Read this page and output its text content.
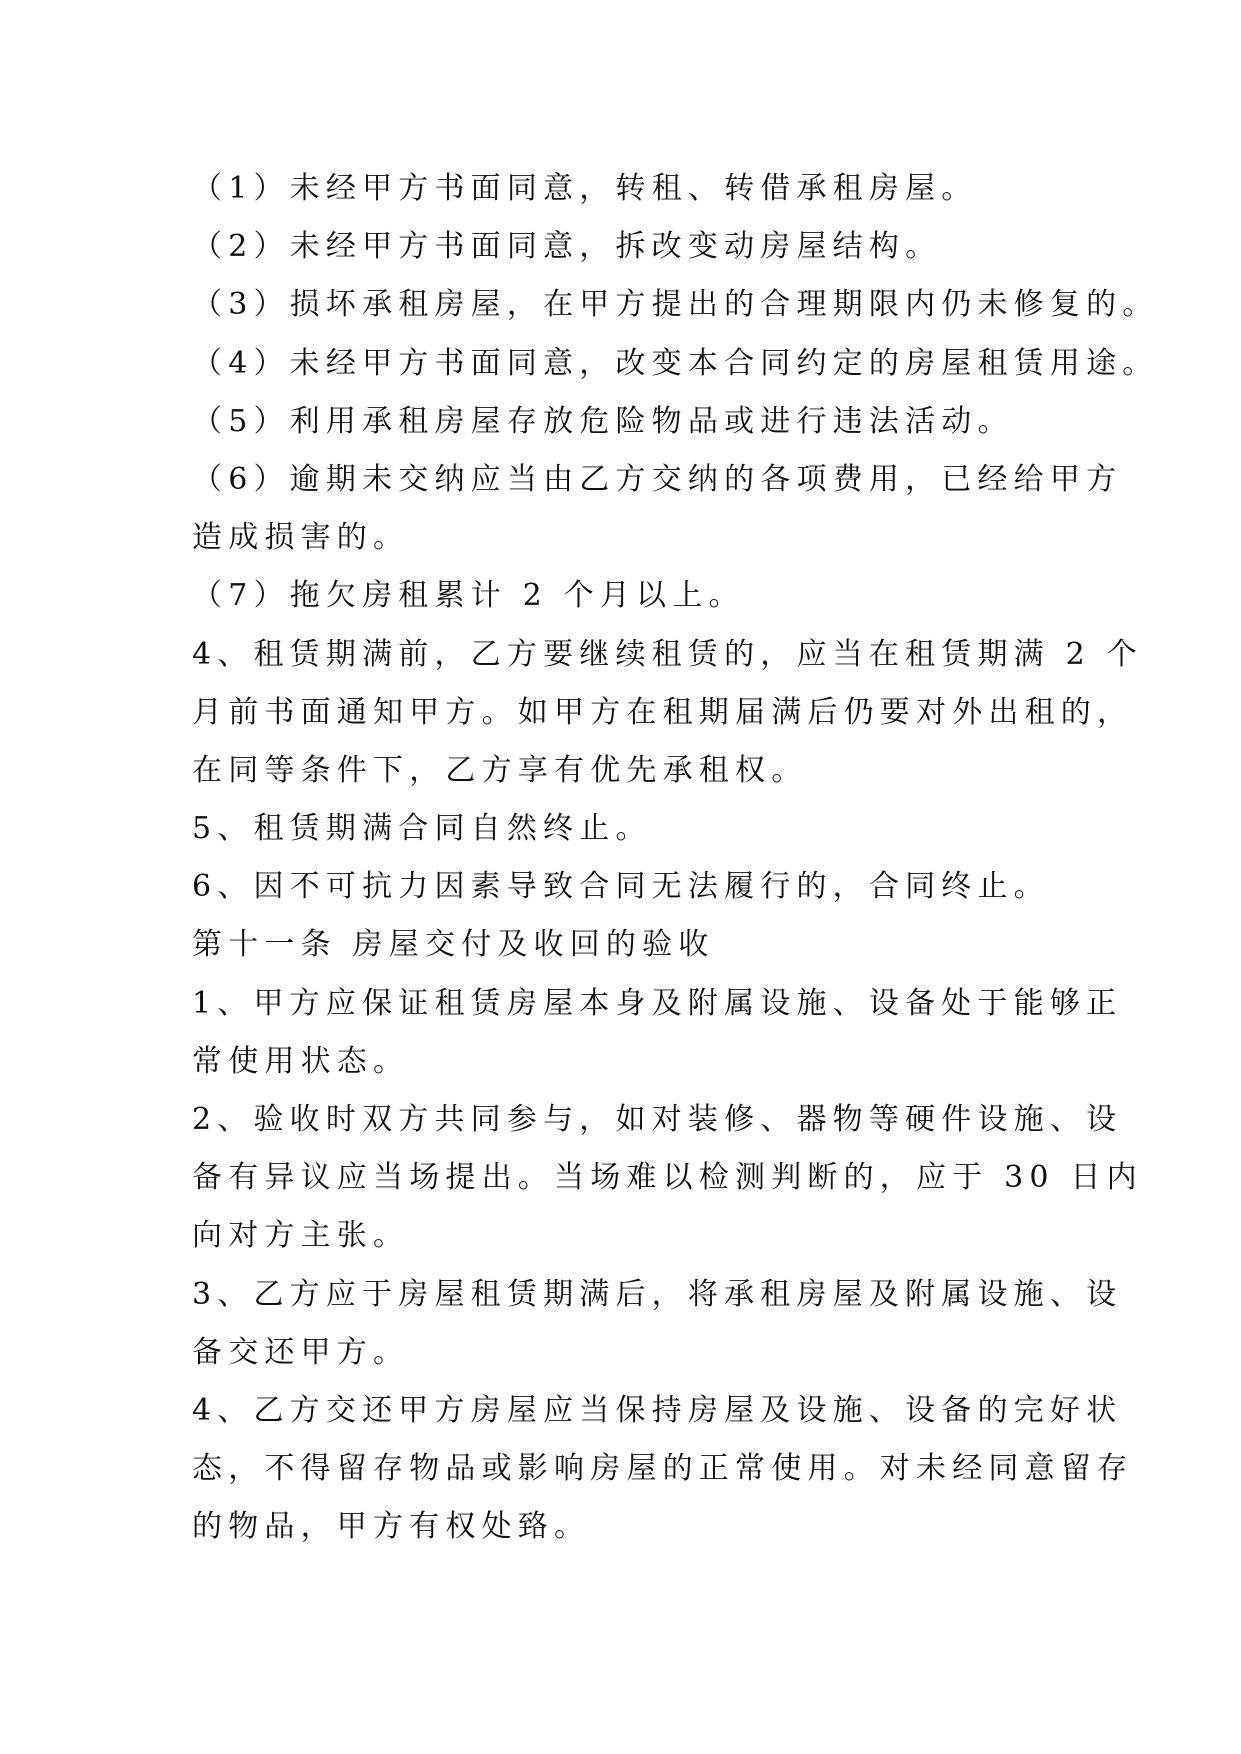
（1）未经甲方书面同意，转租、转借承租房屋。
（2）未经甲方书面同意，拆改变动房屋结构。
（3）损坏承租房屋，在甲方提出的合理期限内仍未修复的。
（4）未经甲方书面同意，改变本合同约定的房屋租赁用途。
（5）利用承租房屋存放危险物品或进行违法活动。
（6）逾期未交纳应当由乙方交纳的各项费用，已经给甲方
造成损害的。
（7）拖欠房租累计 2 个月以上。
4、租赁期满前，乙方要继续租赁的，应当在租赁期满 2 个
月前书面通知甲方。如甲方在租期届满后仍要对外出租的，
在同等条件下，乙方享有优先承租权。
5、租赁期满合同自然终止。
6、因不可抗力因素导致合同无法履行的，合同终止。
第十一条 房屋交付及收回的验收
1、甲方应保证租赁房屋本身及附属设施、设备处于能够正
常使用状态。
2、验收时双方共同参与，如对装修、器物等硬件设施、设
备有异议应当场提出。当场难以检测判断的，应于 30 日内
向对方主张。
3、乙方应于房屋租赁期满后，将承租房屋及附属设施、设
备交还甲方。
4、乙方交还甲方房屋应当保持房屋及设施、设备的完好状
态，不得留存物品或影响房屋的正常使用。对未经同意留存
的物品，甲方有权处臵。
